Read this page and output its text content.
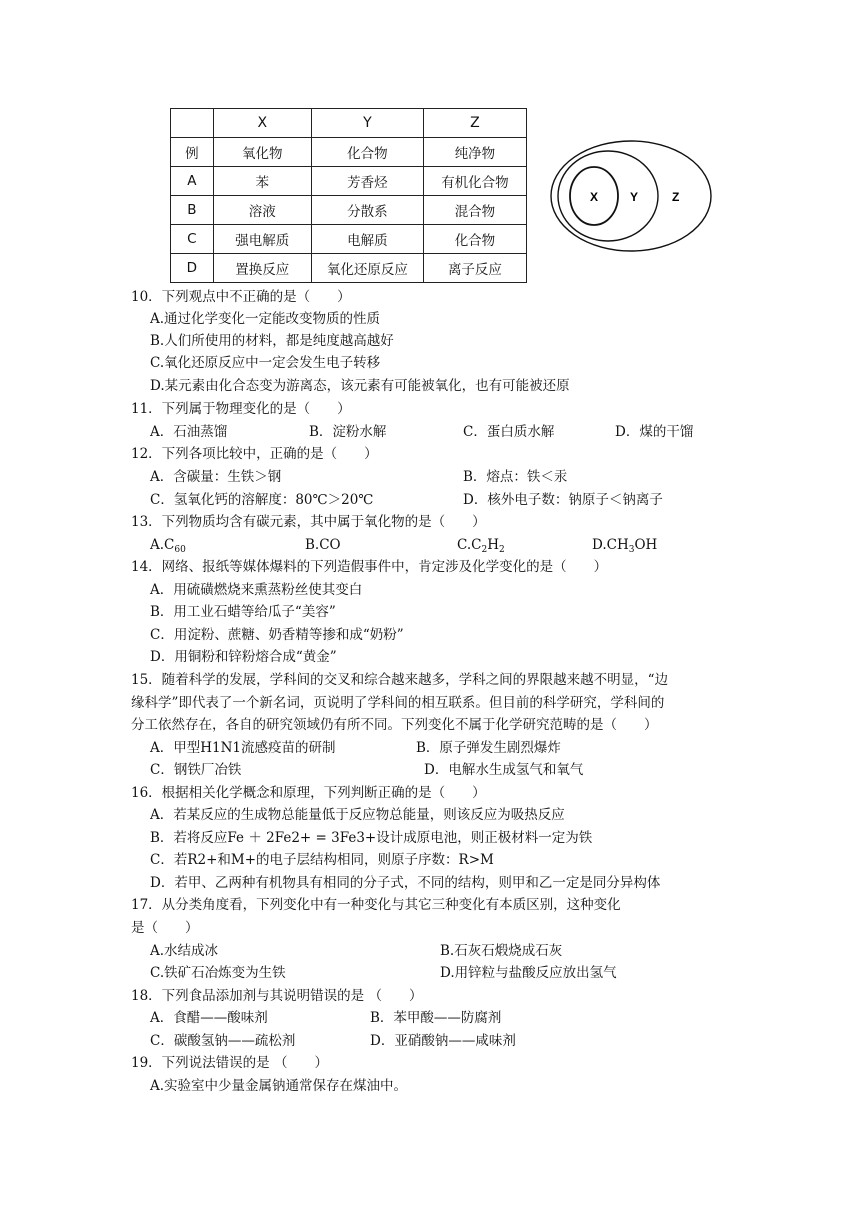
	X	Y	Z
例	氧化物	化合物	纯净物
A	苯	芳香烃	有机化合物
B	溶液	分散系	混合物
C	强电解质	电解质	化合物
D	置换反应	氧化还原反应	离子反应
X	Y	Z
10．下列观点中不正确的是（　　）
A.通过化学变化一定能改变物质的性质
B.人们所使用的材料，都是纯度越高越好
C.氧化还原反应中一定会发生电子转移
D.某元素由化合态变为游离态，该元素有可能被氧化，也有可能被还原
11．下列属于物理变化的是（　　）
A．石油蒸馏	B．淀粉水解	C．蛋白质水解	D．煤的干馏
12．下列各项比较中，正确的是（　　）
A．含碳量：生铁＞钢	B．熔点：铁＜汞
C．氢氧化钙的溶解度：80℃＞20℃	D．核外电子数：钠原子＜钠离子
13．下列物质均含有碳元素，其中属于氧化物的是（　　）
$A.C_{60}$	B.CO	$C.C_2H_2$	$D.CH_3OH$
14．网络、报纸等媒体爆料的下列造假事件中，肯定涉及化学变化的是（　　）
A．用硫磺燃烧来熏蒸粉丝使其变白
B．用工业石蜡等给瓜子“美容”
C．用淀粉、蔗糖、奶香精等掺和成“奶粉”
D．用铜粉和锌粉熔合成“黄金”
15．随着科学的发展，学科间的交叉和综合越来越多，学科之间的界限越来越不明显，“边
缘科学”即代表了一个新名词，页说明了学科间的相互联系。但目前的科学研究，学科间的
分工依然存在，各自的研究领域仍有所不同。下列变化不属于化学研究范畴的是（　　）
A．甲型H1N1流感疫苗的研制	B．原子弹发生剧烈爆炸
C．钢铁厂冶铁	D．电解水生成氢气和氧气
16．根据相关化学概念和原理，下列判断正确的是（　　）
A．若某反应的生成物总能量低于反应物总能量，则该反应为吸热反应
B．若将反应Fe ＋ 2Fe2+ = 3Fe3+设计成原电池，则正极材料一定为铁
C．若R2+和M+的电子层结构相同，则原子序数：R>M
D．若甲、乙两种有机物具有相同的分子式，不同的结构，则甲和乙一定是同分异构体
17．从分类角度看，下列变化中有一种变化与其它三种变化有本质区别，这种变化
是（　　）
A.水结成冰	B.石灰石煅烧成石灰
C.铁矿石冶炼变为生铁	D.用锌粒与盐酸反应放出氢气
18．下列食品添加剂与其说明错误的是 （　　）
A．食醋——酸味剂	B．苯甲酸——防腐剂
C．碳酸氢钠——疏松剂	D．亚硝酸钠——咸味剂
19．下列说法错误的是 （　　）
A.实验室中少量金属钠通常保存在煤油中。
